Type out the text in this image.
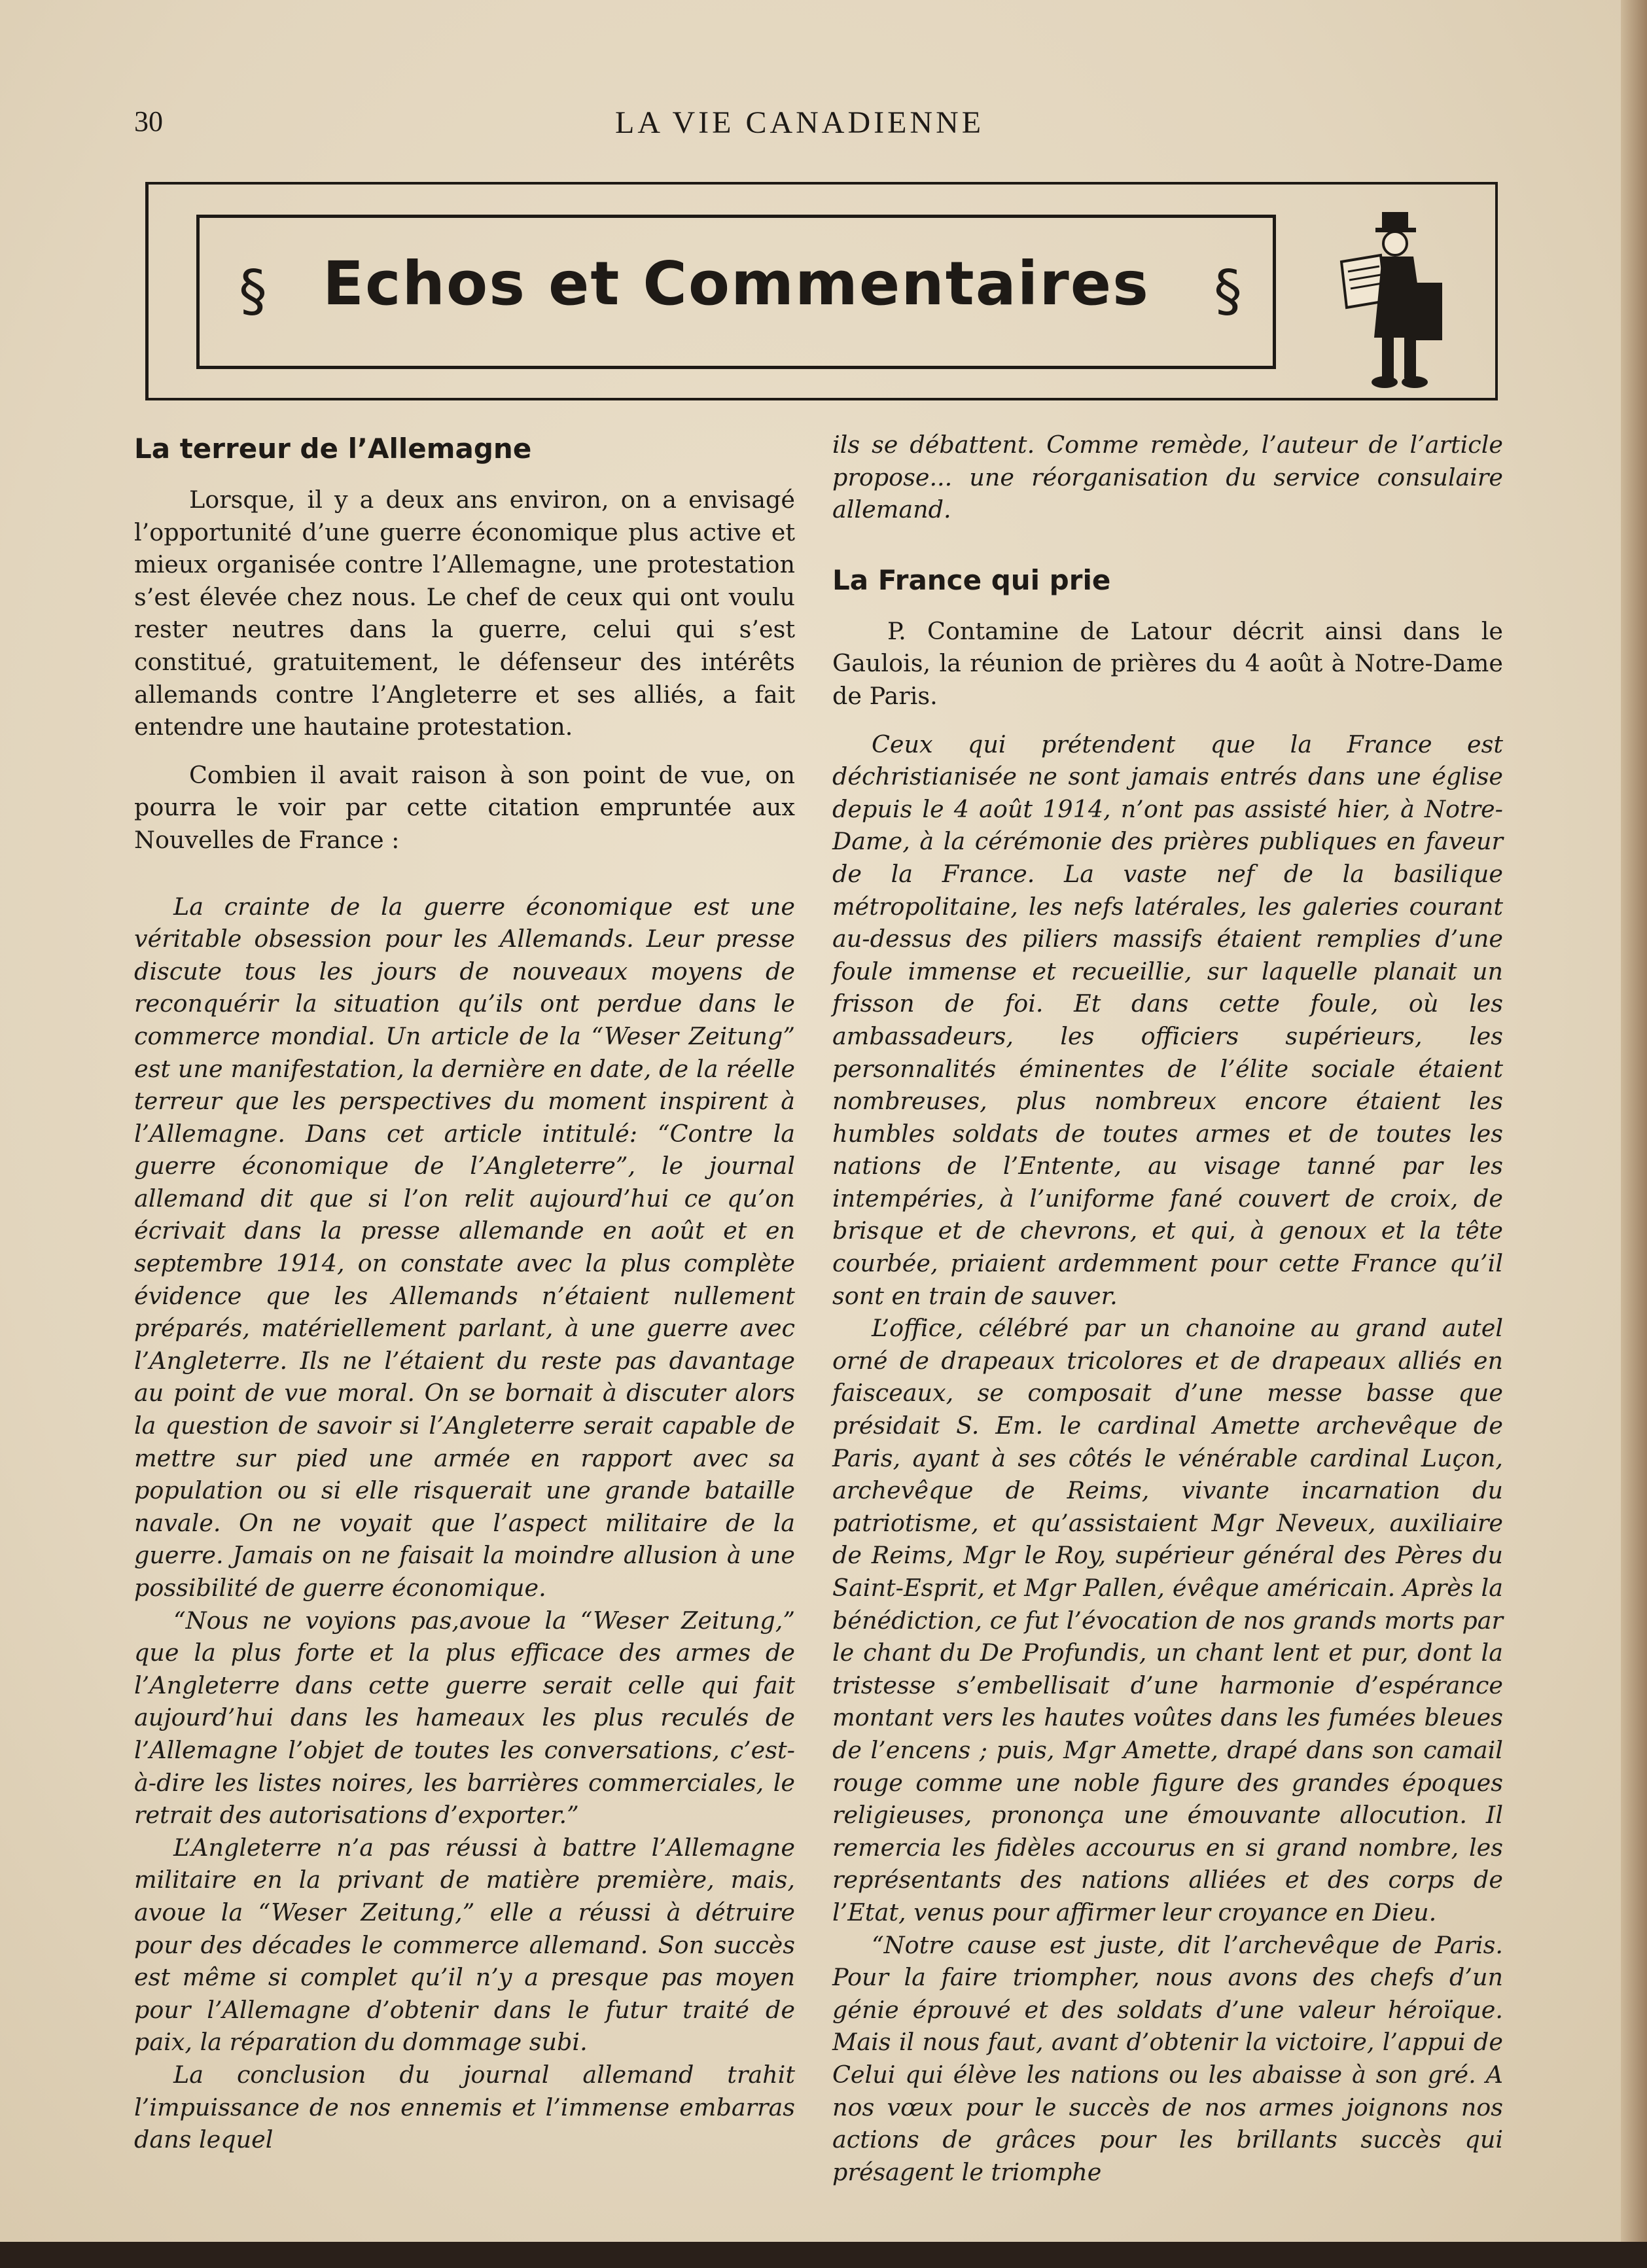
30	LA VIE CANADIENNE
§ Echos et Commentaires	§
La terreur de l’Allemagne

Lorsque, il y a deux ans environ, on a envisagé l’opportunité d’une guerre économique plus active et mieux organisée contre l’Allemagne, une protestation s’est élevée chez nous. Le chef de ceux qui ont voulu rester neutres dans la guerre, celui qui s’est constitué, gratuitement, le défenseur des intérêts allemands contre l’Angleterre et ses alliés, a fait entendre une hautaine protestation.

Combien il avait raison à son point de vue, on pourra le voir par cette citation empruntée aux Nouvelles de France :

La crainte de la guerre économique est une véritable obsession pour les Allemands. Leur presse discute tous les jours de nouveaux moyens de reconquérir la situation qu’ils ont perdue dans le commerce mondial. Un article de la “Weser Zeitung” est une manifestation, la dernière en date, de la réelle terreur que les perspectives du moment inspirent à l’Allemagne. Dans cet article intitulé: “Contre la guerre économique de l’Angleterre”, le journal allemand dit que si l’on relit aujourd’hui ce qu’on écrivait dans la presse allemande en août et en septembre 1914, on constate avec la plus complète évidence que les Allemands n’étaient nullement préparés, matériellement parlant, à une guerre avec l’Angleterre. Ils ne l’étaient du reste pas davantage au point de vue moral. On se bornait à discuter alors la question de savoir si l’Angleterre serait capable de mettre sur pied une armée en rapport avec sa population ou si elle risquerait une grande bataille navale. On ne voyait que l’aspect militaire de la guerre. Jamais on ne faisait la moindre allusion à une possibilité de guerre économique.

“Nous ne voyions pas,avoue la “Weser Zeitung,” que la plus forte et la plus efficace des armes de l’Angleterre dans cette guerre serait celle qui fait aujourd’hui dans les hameaux les plus reculés de l’Allemagne l’objet de toutes les conversations, c’est-à-dire les listes noires, les barrières commerciales, le retrait des autorisations d’exporter.”

L’Angleterre n’a pas réussi à battre l’Allemagne militaire en la privant de matière première, mais, avoue la “Weser Zeitung,” elle a réussi à détruire pour des décades le commerce allemand. Son succès est même si complet qu’il n’y a presque pas moyen pour l’Allemagne d’obtenir dans le futur traité de paix, la réparation du dommage subi.

La conclusion du journal allemand trahit l’impuissance de nos ennemis et l’immense embarras dans lequel

ils se débattent. Comme remède, l’auteur de l’article propose... une réorganisation du service consulaire allemand.

La France qui prie

P. Contamine de Latour décrit ainsi dans le Gaulois, la réunion de prières du 4 août à Notre-Dame de Paris.

Ceux qui prétendent que la France est déchristianisée ne sont jamais entrés dans une église depuis le 4 août 1914, n’ont pas assisté hier, à Notre-Dame, à la cérémonie des prières publiques en faveur de la France. La vaste nef de la basilique métropolitaine, les nefs latérales, les galeries courant au-dessus des piliers massifs étaient remplies d’une foule immense et recueillie, sur laquelle planait un frisson de foi. Et dans cette foule, où les ambassadeurs, les officiers supérieurs, les personnalités éminentes de l’élite sociale étaient nombreuses, plus nombreux encore étaient les humbles soldats de toutes armes et de toutes les nations de l’Entente, au visage tanné par les intempéries, à l’uniforme fané couvert de croix, de brisque et de chevrons, et qui, à genoux et la tête courbée, priaient ardemment pour cette France qu’il sont en train de sauver.

L’office, célébré par un chanoine au grand autel orné de drapeaux tricolores et de drapeaux alliés en faisceaux, se composait d’une messe basse que présidait S. Em. le cardinal Amette archevêque de Paris, ayant à ses côtés le vénérable cardinal Luçon, archevêque de Reims, vivante incarnation du patriotisme, et qu’assistaient Mgr Neveux, auxiliaire de Reims, Mgr le Roy, supérieur général des Pères du Saint-Esprit, et Mgr Pallen, évêque américain. Après la bénédiction, ce fut l’évocation de nos grands morts par le chant du De Profundis, un chant lent et pur, dont la tristesse s’embellisait d’une harmonie d’espérance montant vers les hautes voûtes dans les fumées bleues de l’encens ; puis, Mgr Amette, drapé dans son camail rouge comme une noble figure des grandes époques religieuses, prononça une émouvante allocution. Il remercia les fidèles accourus en si grand nombre, les représentants des nations alliées et des corps de l’Etat, venus pour affirmer leur croyance en Dieu.

“Notre cause est juste, dit l’archevêque de Paris. Pour la faire triompher, nous avons des chefs d’un génie éprouvé et des soldats d’une valeur héroïque. Mais il nous faut, avant d’obtenir la victoire, l’appui de Celui qui élève les nations ou les abaisse à son gré. A nos vœux pour le succès de nos armes joignons nos actions de grâces pour les brillants succès qui présagent le triomphe
